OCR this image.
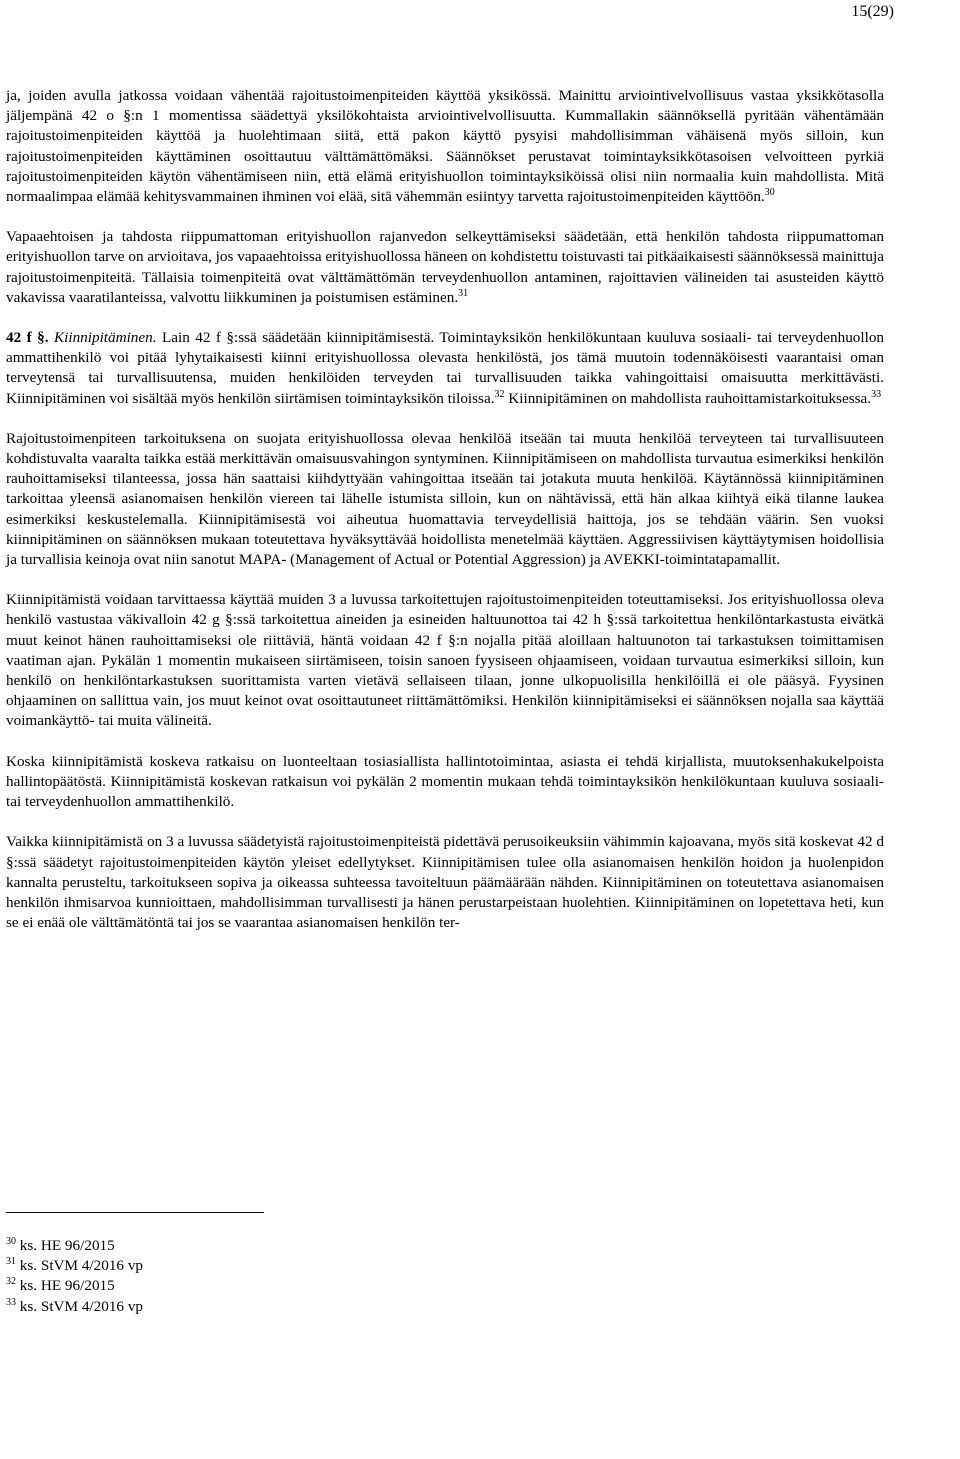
15(29)

ja, joiden avulla jatkossa voidaan vähentää rajoitustoimenpiteiden käyttöä yksikössä. Mainittu arviointivelvollisuus vastaa yksikkötasolla jäljempänä 42 o §:n 1 momentissa säädettyä yksilökohtaista arviointivelvollisuutta. Kummallakin säännöksellä pyritään vähentämään rajoitustoimenpiteiden käyttöä ja huolehtimaan siitä, että pakon käyttö pysyisi mahdollisimman vähäisenä myös silloin, kun rajoitustoimenpiteiden käyttäminen osoittautuu välttämättömäksi. Säännökset perustavat toimintayksikkötasoisen velvoitteen pyrkiä rajoitustoimenpiteiden käytön vähentämiseen niin, että elämä erityishuollon toimintayksiköissä olisi niin normaalia kuin mahdollista. Mitä normaalimpaa elämää kehitysvammainen ihminen voi elää, sitä vähemmän esiintyy tarvetta rajoitustoimenpiteiden käyttöön.$^{30}$

Vapaaehtoisen ja tahdosta riippumattoman erityishuollon rajanvedon selkeyttämiseksi säädetään, että henkilön tahdosta riippumattoman erityishuollon tarve on arvioitava, jos vapaaehtoissa erityishuollossa häneen on kohdistettu toistuvasti tai pitkäaikaisesti säännöksessä mainittuja rajoitustoimenpiteitä. Tällaisia toimenpiteitä ovat välttämättömän terveydenhuollon antaminen, rajoittavien välineiden tai asusteiden käyttö vakavissa vaaratilanteissa, valvottu liikkuminen ja poistumisen estäminen.$^{31}$

42 f §. Kiinnipitäminen. Lain 42 f §:ssä säädetään kiinnipitämisestä. Toimintayksikön henkilökuntaan kuuluva sosiaali- tai terveydenhuollon ammattihenkilö voi pitää lyhytaikaisesti kiinni erityishuollossa olevasta henkilöstä, jos tämä muutoin todennäköisesti vaarantaisi oman terveytensä tai turvallisuutensa, muiden henkilöiden terveyden tai turvallisuuden taikka vahingoittaisi omaisuutta merkittävästi. Kiinnipitäminen voi sisältää myös henkilön siirtämisen toimintayksikön tiloissa.$^{32}$ Kiinnipitäminen on mahdollista rauhoittamistarkoituksessa.$^{33}$

Rajoitustoimenpiteen tarkoituksena on suojata erityishuollossa olevaa henkilöä itseään tai muuta henkilöä terveyteen tai turvallisuuteen kohdistuvalta vaaralta taikka estää merkittävän omaisuusvahingon syntyminen. Kiinnipitämiseen on mahdollista turvautua esimerkiksi henkilön rauhoittamiseksi tilanteessa, jossa hän saattaisi kiihdyttyään vahingoittaa itseään tai jotakuta muuta henkilöä. Käytännössä kiinnipitäminen tarkoittaa yleensä asianomaisen henkilön viereen tai lähelle istumista silloin, kun on nähtävissä, että hän alkaa kiihtyä eikä tilanne laukea esimerkiksi keskustelemalla. Kiinnipitämisestä voi aiheutua huomattavia terveydellisiä haittoja, jos se tehdään väärin. Sen vuoksi kiinnipitäminen on säännöksen mukaan toteutettava hyväksyttävää hoidollista menetelmää käyttäen. Aggressiivisen käyttäytymisen hoidollisia ja turvallisia keinoja ovat niin sanotut MAPA- (Management of Actual or Potential Aggression) ja AVEKKI-toimintatapamallit.

Kiinnipitämistä voidaan tarvittaessa käyttää muiden 3 a luvussa tarkoitettujen rajoitustoimenpiteiden toteuttamiseksi. Jos erityishuollossa oleva henkilö vastustaa väkivalloin 42 g §:ssä tarkoitettua aineiden ja esineiden haltuunottoa tai 42 h §:ssä tarkoitettua henkilöntarkastusta eivätkä muut keinot hänen rauhoittamiseksi ole riittäviä, häntä voidaan 42 f §:n nojalla pitää aloillaan haltuunoton tai tarkastuksen toimittamisen vaatiman ajan. Pykälän 1 momentin mukaiseen siirtämiseen, toisin sanoen fyysiseen ohjaamiseen, voidaan turvautua esimerkiksi silloin, kun henkilö on henkilöntarkastuksen suorittamista varten vietävä sellaiseen tilaan, jonne ulkopuolisilla henkilöillä ei ole pääsyä. Fyysinen ohjaaminen on sallittua vain, jos muut keinot ovat osoittautuneet riittämättömiksi. Henkilön kiinnipitämiseksi ei säännöksen nojalla saa käyttää voimankäyttö- tai muita välineitä.

Koska kiinnipitämistä koskeva ratkaisu on luonteeltaan tosiasiallista hallintotoimintaa, asiasta ei tehdä kirjallista, muutoksenhakukelpoista hallintopäätöstä. Kiinnipitämistä koskevan ratkaisun voi pykälän 2 momentin mukaan tehdä toimintayksikön henkilökuntaan kuuluva sosiaali- tai terveydenhuollon ammattihenkilö.

Vaikka kiinnipitämistä on 3 a luvussa säädetyistä rajoitustoimenpiteistä pidettävä perusoikeuksiin vähimmin kajoavana, myös sitä koskevat 42 d §:ssä säädetyt rajoitustoimenpiteiden käytön yleiset edellytykset. Kiinnipitämisen tulee olla asianomaisen henkilön hoidon ja huolenpidon kannalta perusteltu, tarkoitukseen sopiva ja oikeassa suhteessa tavoiteltuun päämäärään nähden. Kiinnipitäminen on toteutettava asianomaisen henkilön ihmisarvoa kunnioittaen, mahdollisimman turvallisesti ja hänen perustarpeistaan huolehtien. Kiinnipitäminen on lopetettava heti, kun se ei enää ole välttämätöntä tai jos se vaarantaa asianomaisen henkilön ter-

$^{30}$ ks. HE 96/2015
$^{31}$ ks. StVM 4/2016 vp
$^{32}$ ks. HE 96/2015
$^{33}$ ks. StVM 4/2016 vp
